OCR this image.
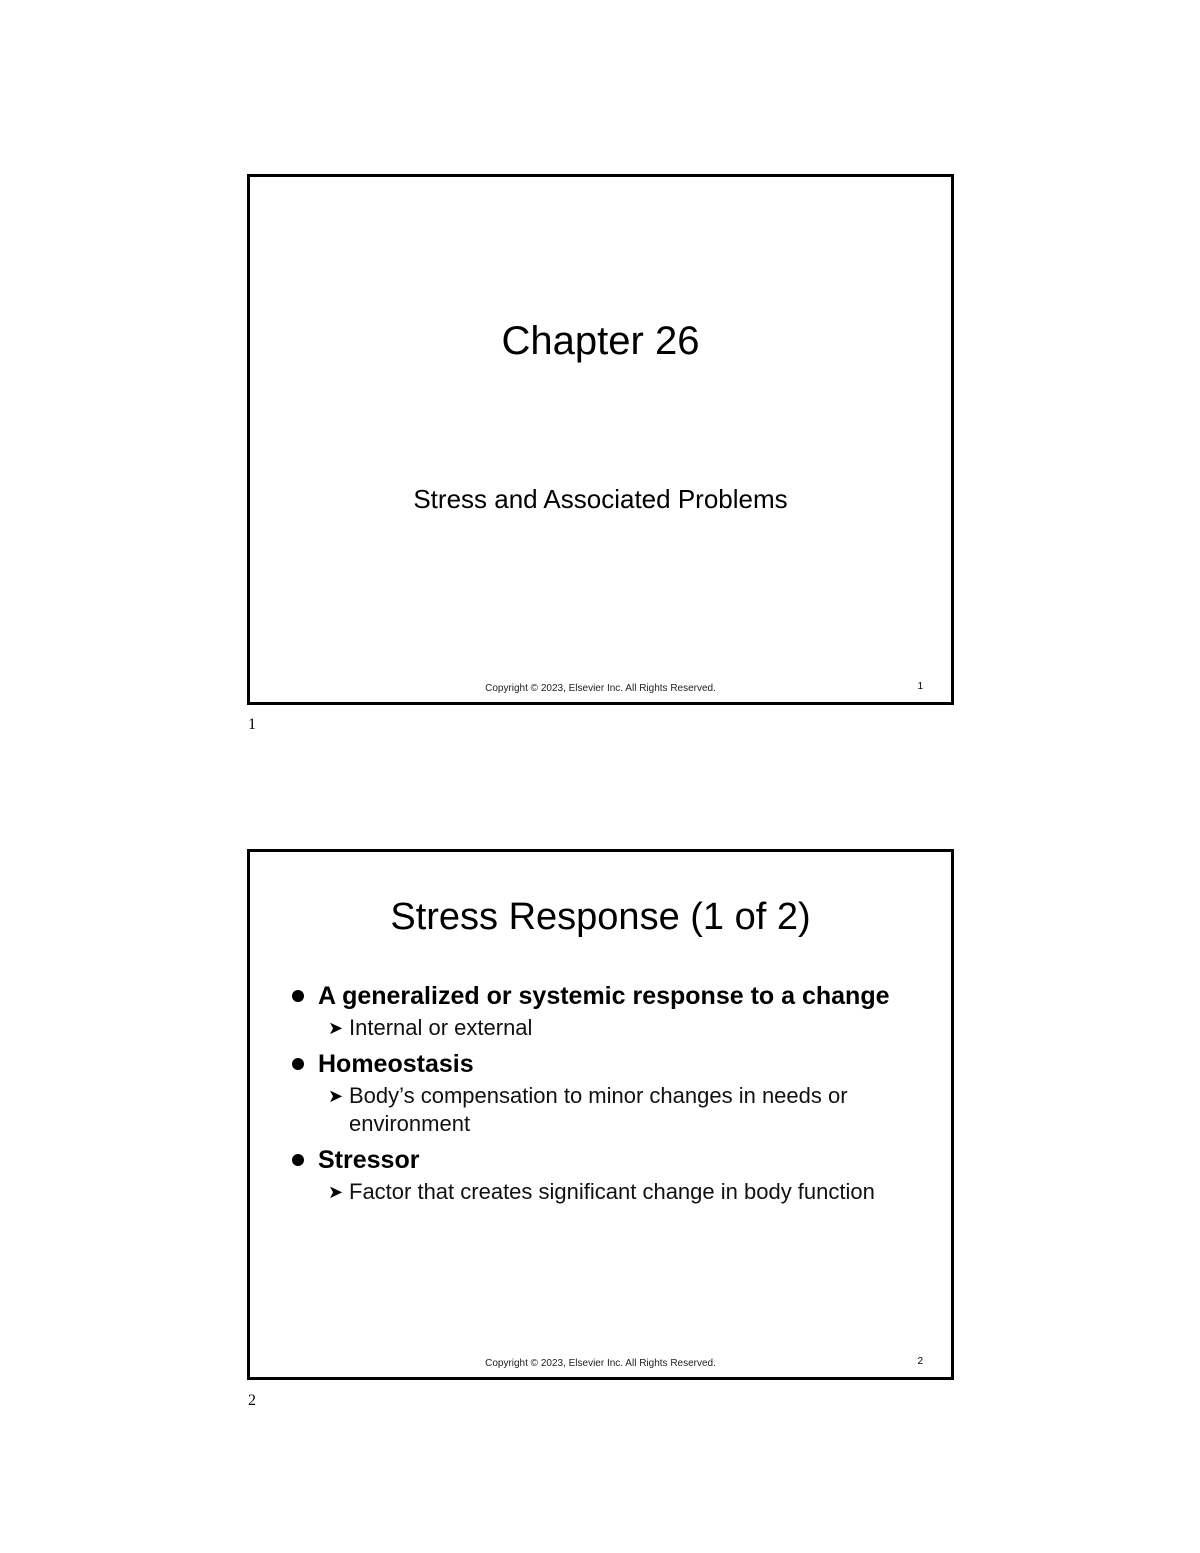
Chapter 26
Stress and Associated Problems
Copyright © 2023, Elsevier Inc. All Rights Reserved.	1
1
Stress Response (1 of 2)
A generalized or systemic response to a change
➤ Internal or external
Homeostasis
➤ Body’s compensation to minor changes in needs or environment
Stressor
➤ Factor that creates significant change in body function
Copyright © 2023, Elsevier Inc. All Rights Reserved.	2
2
